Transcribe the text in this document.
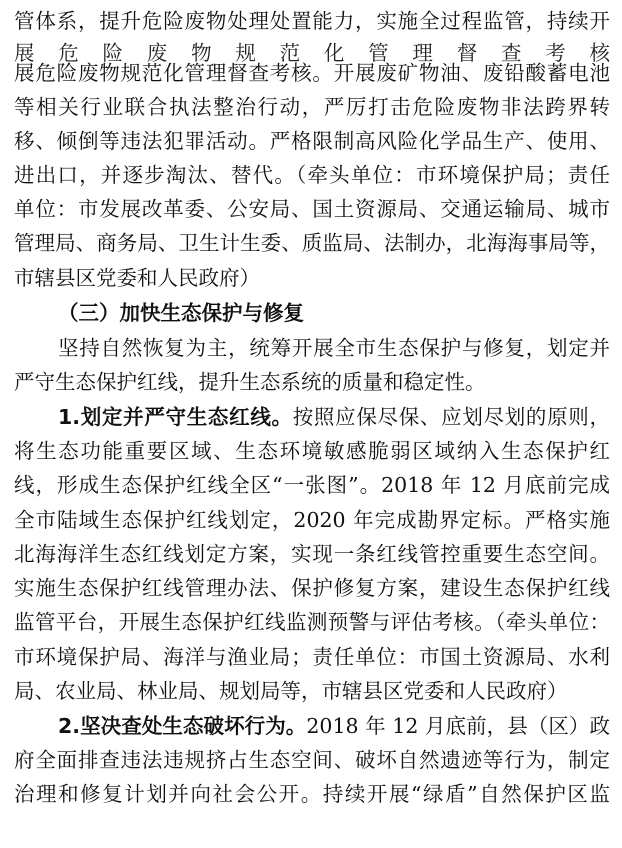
管体系，提升危险废物处理处置能力，实施全过程监管，持续开
展危险废物规范化管理督查考核
展危险废物规范化管理督查考核。开展废矿物油、废铅酸蓄电池
等相关行业联合执法整治行动，严厉打击危险废物非法跨界转
移、倾倒等违法犯罪活动。严格限制高风险化学品生产、使用、
进出口，并逐步淘汰、替代。（牵头单位：市环境保护局；责任
单位：市发展改革委、公安局、国土资源局、交通运输局、城市
管理局、商务局、卫生计生委、质监局、法制办，北海海事局等，
市辖县区党委和人民政府）
（三）加快生态保护与修复
坚持自然恢复为主，统筹开展全市生态保护与修复，划定并
严守生态保护红线，提升生态系统的质量和稳定性。
1.划定并严守生态红线。按照应保尽保、应划尽划的原则，
将生态功能重要区域、生态环境敏感脆弱区域纳入生态保护红
线，形成生态保护红线全区“一张图”。2018 年 12 月底前完成
全市陆域生态保护红线划定，2020 年完成勘界定标。严格实施
北海海洋生态红线划定方案，实现一条红线管控重要生态空间。
实施生态保护红线管理办法、保护修复方案，建设生态保护红线
监管平台，开展生态保护红线监测预警与评估考核。（牵头单位：
市环境保护局、海洋与渔业局；责任单位：市国土资源局、水利
局、农业局、林业局、规划局等，市辖县区党委和人民政府）
2.坚决查处生态破坏行为。2018 年 12 月底前，县（区）政
府全面排查违法违规挤占生态空间、破坏自然遗迹等行为，制定
治理和修复计划并向社会公开。持续开展“绿盾”自然保护区监
